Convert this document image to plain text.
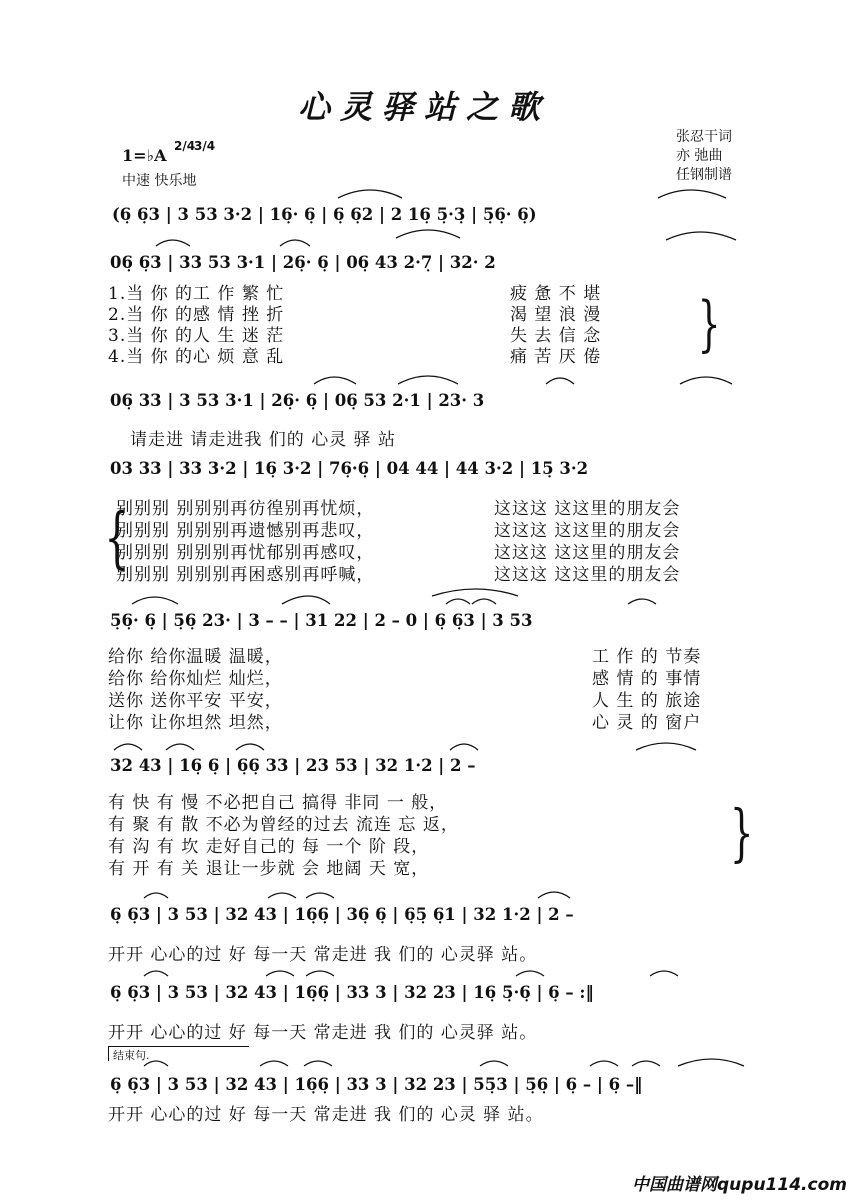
心灵驿站之歌
1=♭A 2/4
3/4
中速 快乐地
张忍干词
亦 弛曲
任钢制谱
(6̣ 6̣3 | 3 53 3·2 | 16̣· 6̣ | 6̣ 6̣2 | 2 16̣ 5̣·3̣ | 5̣6̣· 6̣)
06̣ 6̣3 | 33 53 3·1 | 26̣· 6̣ | 06̣ 43 2·7̣ | 32· 2
1.当 你 的工 作 繁 忙
2.当 你 的感 情 挫 折
3.当 你 的人 生 迷 茫
4.当 你 的心 烦 意 乱
疲 惫 不 堪
渴 望 浪 漫
失 去 信 念
痛 苦 厌 倦 }
06̣ 33 | 3 53 3·1 | 26̣· 6̣ | 06̣ 53 2·1 | 23· 3
请走进 请走进我 们的 心灵 驿 站
03 33 | 33 3·2 | 16̣ 3·2 | 76̣·6̣ | 04 44 | 44 3·2 | 15̣ 3·2
{
别别别 别别别再彷徨别再忧烦，
别别别 别别别再遗憾别再悲叹，
别别别 别别别再忧郁别再感叹，
别别别 别别别再困惑别再呼喊，
这这这 这这里的朋友会
这这这 这这里的朋友会
这这这 这这里的朋友会
这这这 这这里的朋友会
5̣6̣· 6̣ | 5̣6̣ 23· | 3 – – | 31 22 | 2 – 0 | 6̣ 6̣3 | 3 53
给你 给你温暖 温暖，
给你 给你灿烂 灿烂，
送你 送你平安 平安，
让你 让你坦然 坦然，
工 作 的 节奏
感 情 的 事情
人 生 的 旅途
心 灵 的 窗户
32 43 | 16̣ 6̣ | 6̣6̣ 33 | 23 53 | 32 1·2 | 2 –
有 快 有 慢 不必把自己 搞得 非同 一 般，
有 聚 有 散 不必为曾经的过去 流连 忘 返，
有 沟 有 坎 走好自己的 每 一个 阶 段，
有 开 有 关 退让一步就 会 地阔 天 宽，	}
6̣ 6̣3 | 3 53 | 32 43 | 16̣6̣ | 36̣ 6̣ | 6̣5̣ 6̣1 | 32 1·2 | 2 –
开开 心心的过 好 每一天 常走进 我 们的 心灵驿 站。
6̣ 6̣3 | 3 53 | 32 43 | 16̣6̣ | 33 3 | 32 23 | 16̣ 5̣·6̣ | 6̣ – :‖
开开 心心的过 好 每一天 常走进 我 们的 心灵驿 站。
结束句.
6̣ 6̣3 | 3 53 | 32 43 | 16̣6̣ | 33 3 | 32 23 | 55̣3 | 5̣6̣ | 6̣ – | 6̣ –‖
开开 心心的过 好 每一天 常走进 我 们的 心灵 驿 站。
中国曲谱网qupu114.com
